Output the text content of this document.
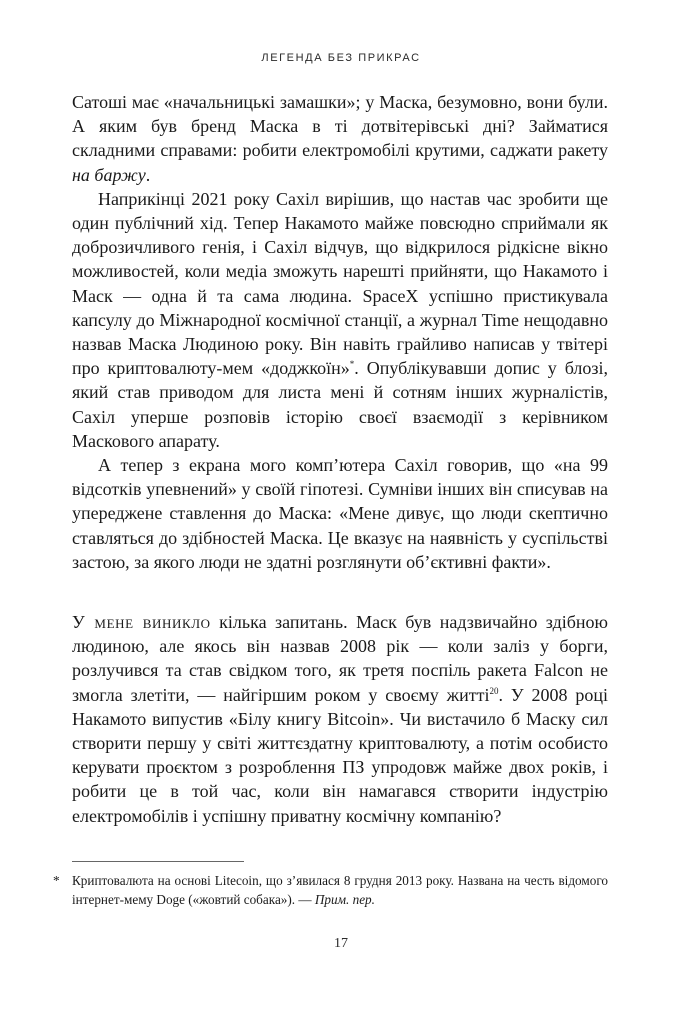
ЛЕГЕНДА БЕЗ ПРИКРАС

Сатоші має «начальницькі замашки»; у Маска, безумовно, вони були. А яким був бренд Маска в ті дотвітерівські дні? Займатися складними справами: робити електромобілі крутими, саджати ракету на баржу.

Наприкінці 2021 року Сахіл вирішив, що настав час зробити ще один публічний хід. Тепер Накамото майже повсюдно сприймали як доброзичливого генія, і Сахіл відчув, що відкрилося рідкісне вікно можливостей, коли медіа зможуть нарешті прийняти, що Накамото і Маск — одна й та сама людина. SpaceX успішно пристикувала капсулу до Міжнародної космічної станції, а журнал Time нещодавно назвав Маска Людиною року. Він навіть грайливо написав у твітері про криптовалюту-мем «доджкоїн»*. Опублікувавши допис у блозі, який став приводом для листа мені й сотням інших журналістів, Сахіл уперше розповів історію своєї взаємодії з керівником Маскового апарату.

А тепер з екрана мого комп’ютера Сахіл говорив, що «на 99 відсотків упевнений» у своїй гіпотезі. Сумніви інших він списував на упереджене ставлення до Маска: «Мене дивує, що люди скептично ставляться до здібностей Маска. Це вказує на наявність у суспільстві застою, за якого люди не здатні розглянути об’єктивні факти».

У мене виникло кілька запитань. Маск був надзвичайно здібною людиною, але якось він назвав 2008 рік — коли заліз у борги, розлучився та став свідком того, як третя поспіль ракета Falcon не змогла злетіти, — найгіршим роком у своєму житті$^{20}$. У 2008 році Накамото випустив «Білу книгу Bitcoin». Чи вистачило б Маску сил створити першу у світі життєздатну криптовалюту, а потім особисто керувати проєктом з розроблення ПЗ упродовж майже двох років, і робити це в той час, коли він намагався створити індустрію електромобілів і успішну приватну космічну компанію?

* Криптовалюта на основі Litecoin, що з’явилася 8 грудня 2013 року. Названа на честь відомого інтернет-мему Doge («жовтий собака»). — Прим. пер.
17
